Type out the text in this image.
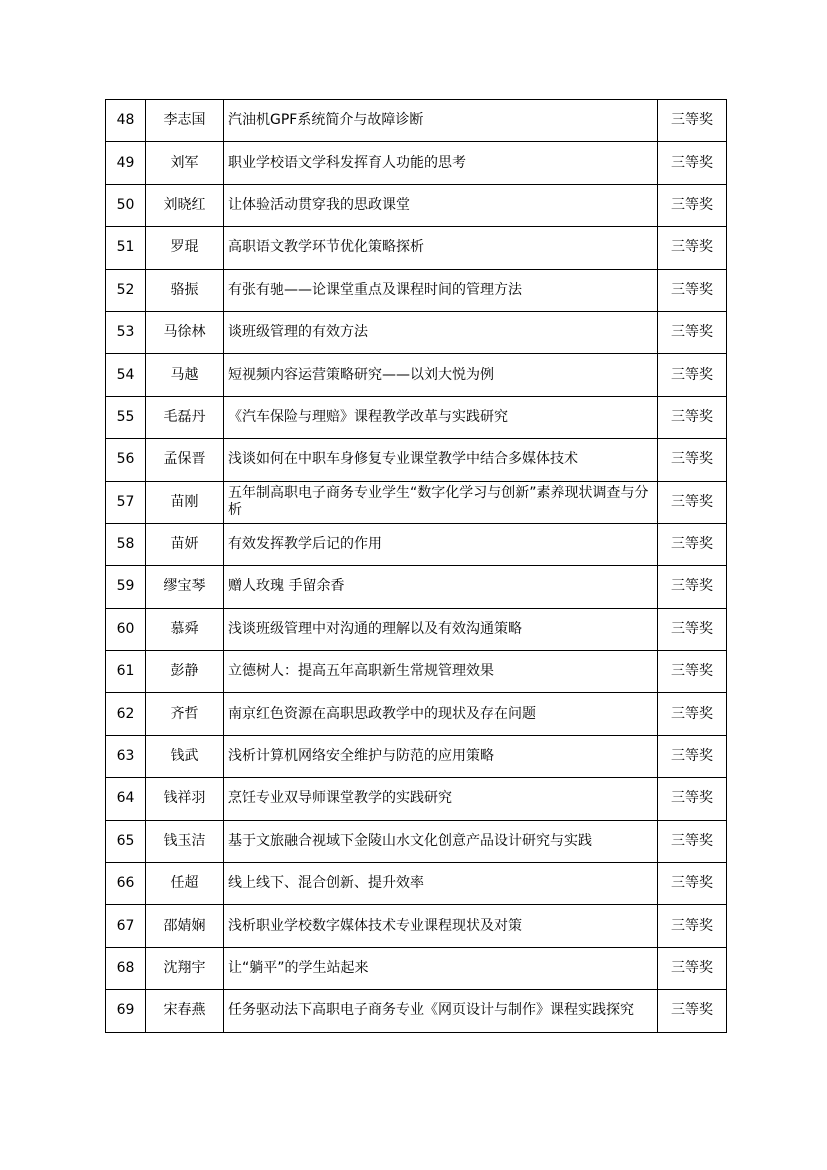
48	李志国	汽油机GPF系统简介与故障诊断	三等奖
49	刘军	职业学校语文学科发挥育人功能的思考	三等奖
50	刘晓红	让体验活动贯穿我的思政课堂	三等奖
51	罗琨	高职语文教学环节优化策略探析	三等奖
52	骆振	有张有驰——论课堂重点及课程时间的管理方法	三等奖
53	马徐林	谈班级管理的有效方法	三等奖
54	马越	短视频内容运营策略研究——以刘大悦为例	三等奖
55	毛磊丹	《汽车保险与理赔》课程教学改革与实践研究	三等奖
56	孟保晋	浅谈如何在中职车身修复专业课堂教学中结合多媒体技术	三等奖
57	苗刚	五年制高职电子商务专业学生“数字化学习与创新”素养现状调查与分析	三等奖
58	苗妍	有效发挥教学后记的作用	三等奖
59	缪宝琴	赠人玫瑰 手留余香	三等奖
60	慕舜	浅谈班级管理中对沟通的理解以及有效沟通策略	三等奖
61	彭静	立德树人：提高五年高职新生常规管理效果	三等奖
62	齐哲	南京红色资源在高职思政教学中的现状及存在问题	三等奖
63	钱武	浅析计算机网络安全维护与防范的应用策略	三等奖
64	钱祥羽	烹饪专业双导师课堂教学的实践研究	三等奖
65	钱玉洁	基于文旅融合视域下金陵山水文化创意产品设计研究与实践	三等奖
66	任超	线上线下、混合创新、提升效率	三等奖
67	邵婧娴	浅析职业学校数字媒体技术专业课程现状及对策	三等奖
68	沈翔宇	让“躺平”的学生站起来	三等奖
69	宋春燕	任务驱动法下高职电子商务专业《网页设计与制作》课程实践探究	三等奖
